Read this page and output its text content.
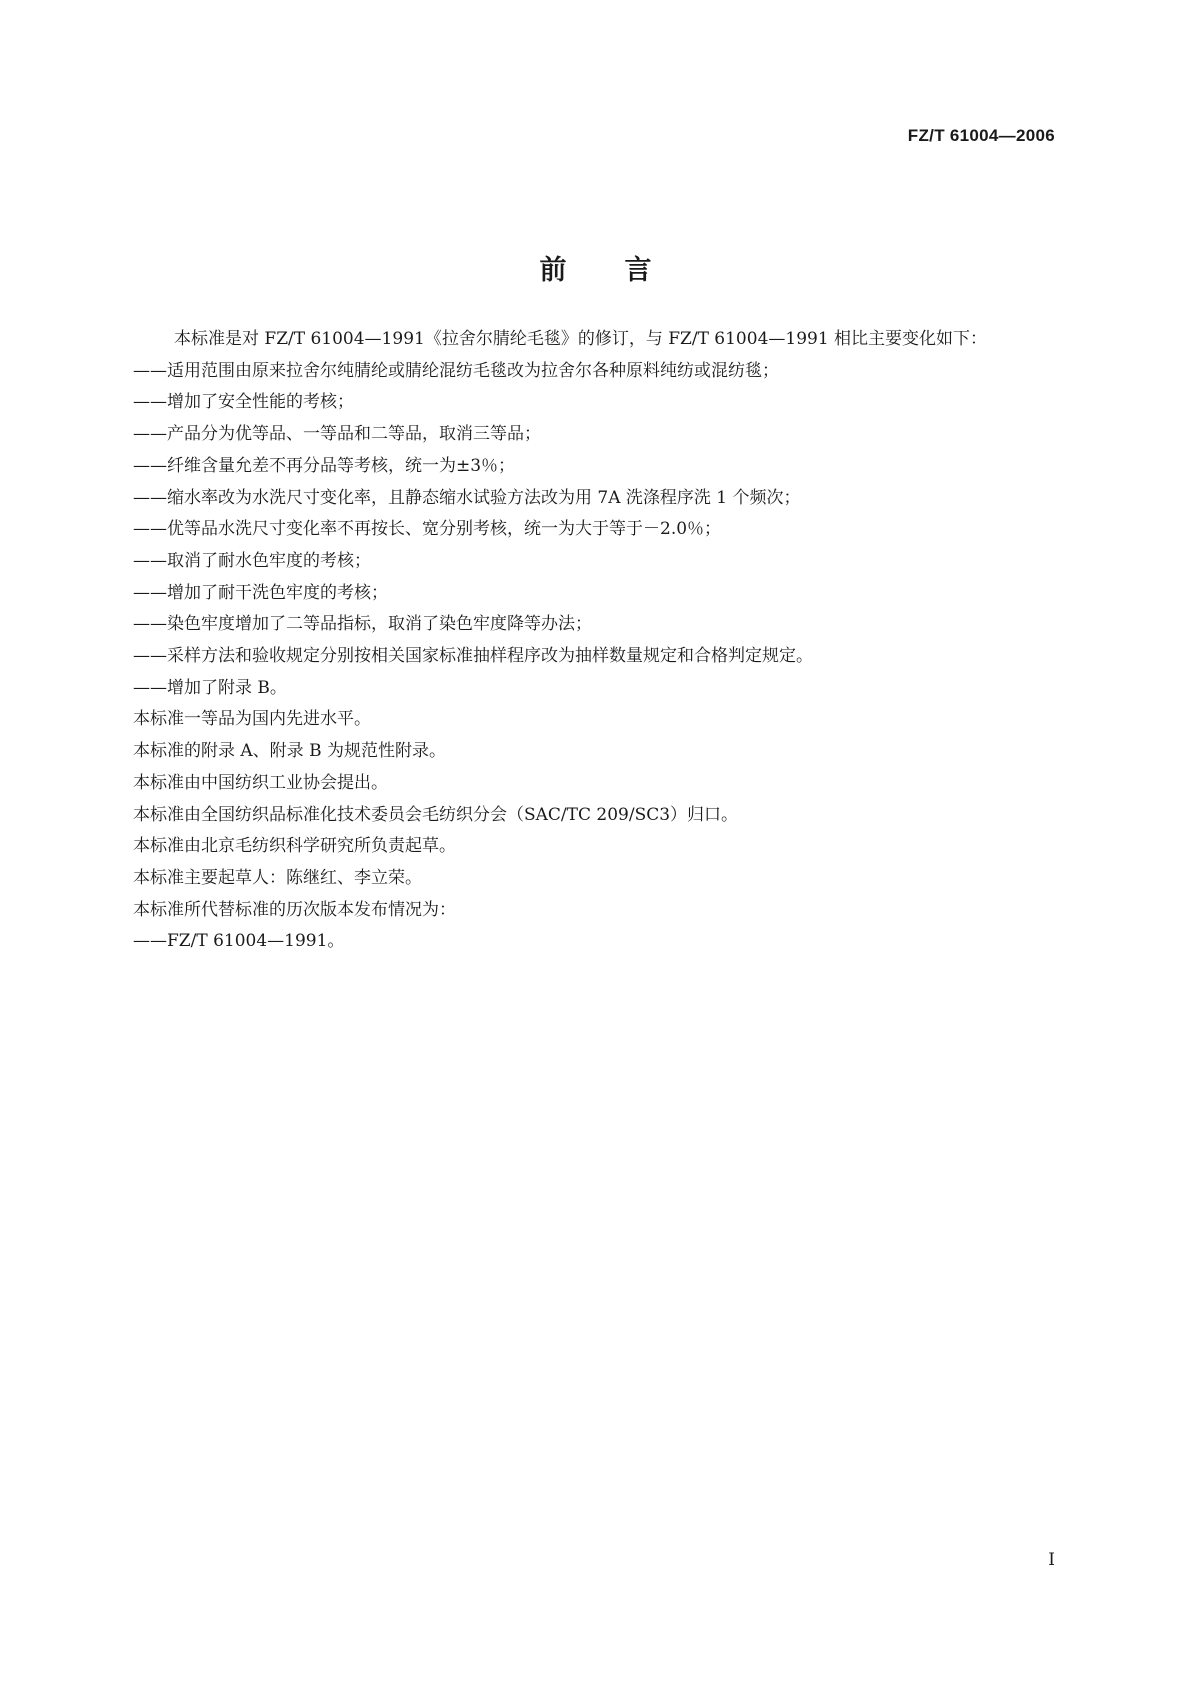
FZ/T 61004—2006
前言

本标准是对 FZ/T 61004—1991《拉舍尔腈纶毛毯》的修订，与 FZ/T 61004—1991 相比主要变化如下：

——适用范围由原来拉舍尔纯腈纶或腈纶混纺毛毯改为拉舍尔各种原料纯纺或混纺毯；

——增加了安全性能的考核；

——产品分为优等品、一等品和二等品，取消三等品；

——纤维含量允差不再分品等考核，统一为±3％；

——缩水率改为水洗尺寸变化率，且静态缩水试验方法改为用 7A 洗涤程序洗 1 个频次；

——优等品水洗尺寸变化率不再按长、宽分别考核，统一为大于等于－2.0％；

——取消了耐水色牢度的考核；

——增加了耐干洗色牢度的考核；

——染色牢度增加了二等品指标，取消了染色牢度降等办法；

——采样方法和验收规定分别按相关国家标准抽样程序改为抽样数量规定和合格判定规定。

——增加了附录 B。

本标准一等品为国内先进水平。

本标准的附录 A、附录 B 为规范性附录。

本标准由中国纺织工业协会提出。

本标准由全国纺织品标准化技术委员会毛纺织分会（SAC/TC 209/SC3）归口。

本标准由北京毛纺织科学研究所负责起草。

本标准主要起草人：陈继红、李立荣。

本标准所代替标准的历次版本发布情况为：

——FZ/T 61004—1991。

I
